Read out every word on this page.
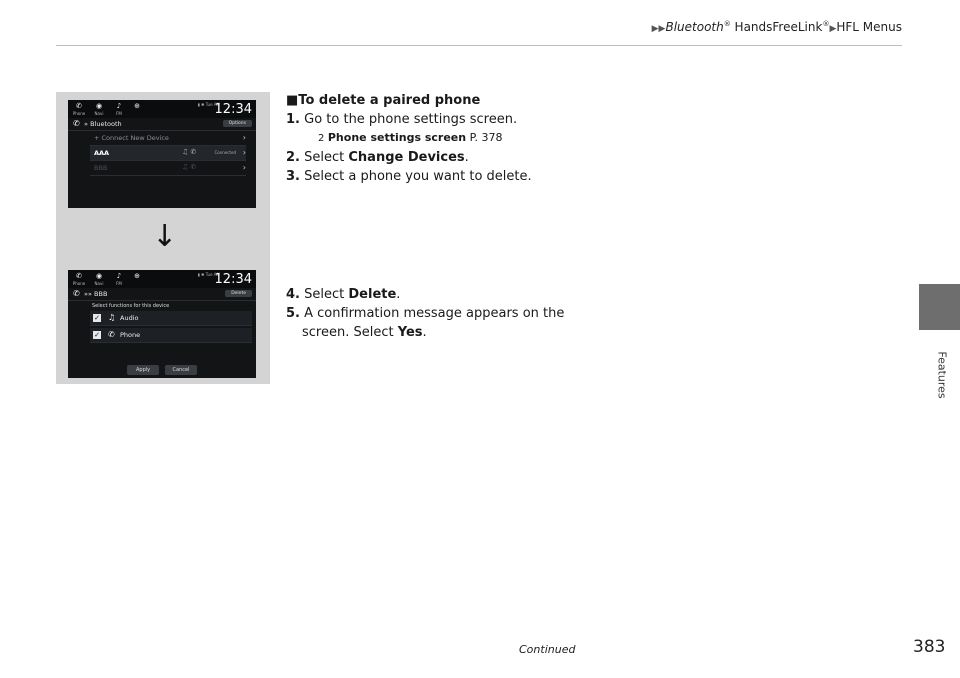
▶▶Bluetooth® HandsFreeLink®▶HFL Menus
Features
✆
Phone
◉
Navi
♪
FM
⊕	▮ ✱ Tue AM
12:34
✆ » Bluetooth	Options
+ Connect New Device	›
AAA	♫ ✆	Connected ›
BBB	♫ ✆	›
↓
✆
Phone
◉
Navi
♪
FM
⊕	▮ ✱ Tue AM
12:34
✆ »» BBB	Delete
Select functions for this device
✓ ♫ Audio
✓ ✆ Phone
Apply	Cancel
■To delete a paired phone
1. Go to the phone settings screen.
2 Phone settings screen P. 378
2. Select Change Devices.
3. Select a phone you want to delete.
4. Select Delete.
5. A confirmation message appears on the
screen. Select Yes.
Continued	383
